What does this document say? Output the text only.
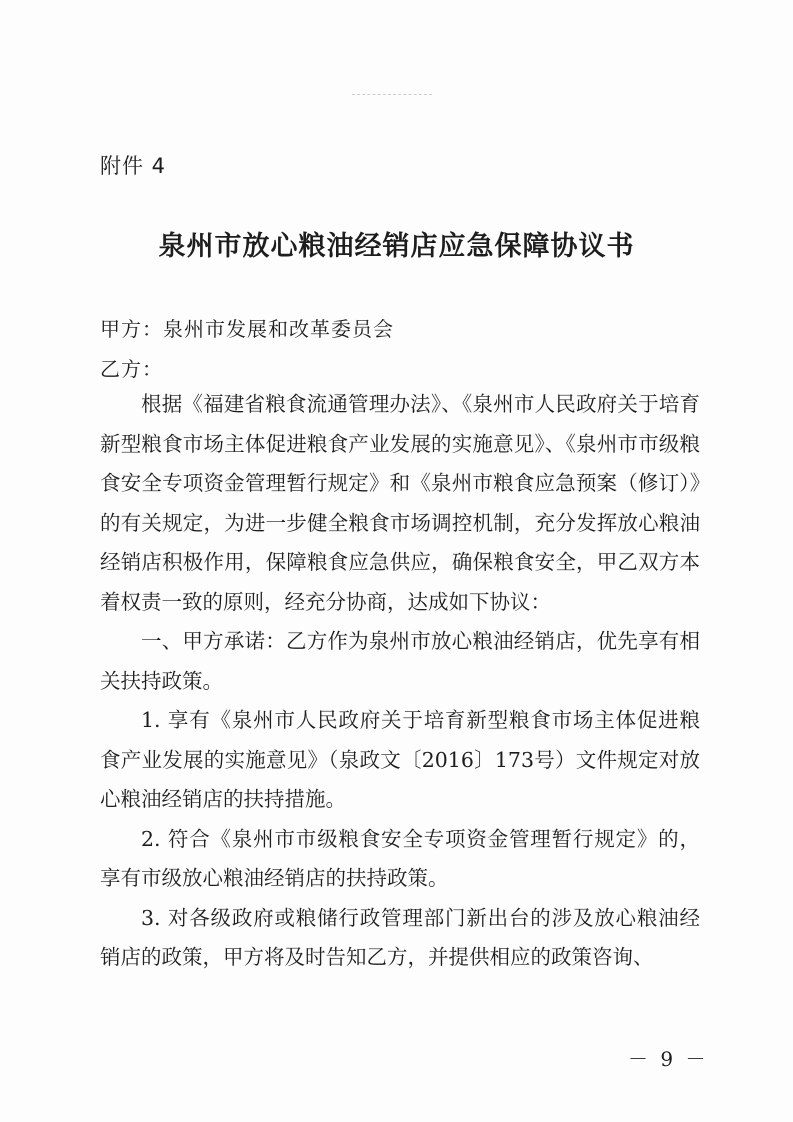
附件 4
泉州市放心粮油经销店应急保障协议书
甲方：泉州市发展和改革委员会
乙方：

根据《福建省粮食流通管理办法》、《泉州市人民政府关于培育新型粮食市场主体促进粮食产业发展的实施意见》、《泉州市市级粮食安全专项资金管理暂行规定》和《泉州市粮食应急预案（修订）》的有关规定，为进一步健全粮食市场调控机制，充分发挥放心粮油经销店积极作用，保障粮食应急供应，确保粮食安全，甲乙双方本着权责一致的原则，经充分协商，达成如下协议：

一、甲方承诺：乙方作为泉州市放心粮油经销店，优先享有相关扶持政策。

1. 享有《泉州市人民政府关于培育新型粮食市场主体促进粮食产业发展的实施意见》（泉政文〔2016〕173号）文件规定对放心粮油经销店的扶持措施。

2. 符合《泉州市市级粮食安全专项资金管理暂行规定》的，享有市级放心粮油经销店的扶持政策。

3. 对各级政府或粮储行政管理部门新出台的涉及放心粮油经销店的政策，甲方将及时告知乙方，并提供相应的政策咨询、

－ 9 －
